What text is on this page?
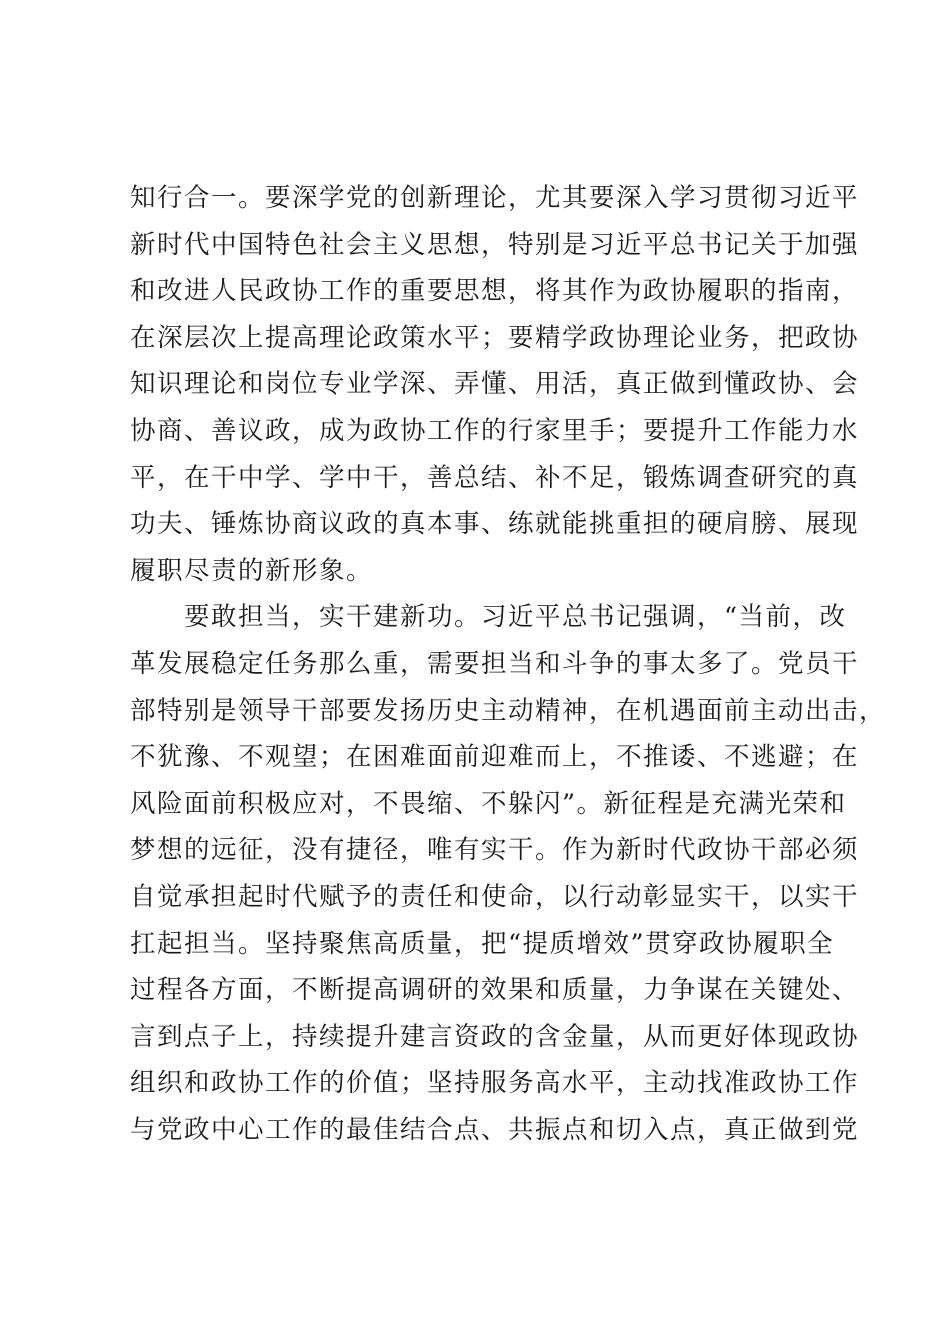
知行合一。要深学党的创新理论，尤其要深入学习贯彻习近平
新时代中国特色社会主义思想，特别是习近平总书记关于加强
和改进人民政协工作的重要思想，将其作为政协履职的指南，
在深层次上提高理论政策水平；要精学政协理论业务，把政协
知识理论和岗位专业学深、弄懂、用活，真正做到懂政协、会
协商、善议政，成为政协工作的行家里手；要提升工作能力水
平，在干中学、学中干，善总结、补不足，锻炼调查研究的真
功夫、锤炼协商议政的真本事、练就能挑重担的硬肩膀、展现
履职尽责的新形象。
　　要敢担当，实干建新功。习近平总书记强调，“当前，改
革发展稳定任务那么重，需要担当和斗争的事太多了。党员干
部特别是领导干部要发扬历史主动精神，在机遇面前主动出击，
不犹豫、不观望；在困难面前迎难而上，不推诿、不逃避；在
风险面前积极应对，不畏缩、不躲闪”。新征程是充满光荣和
梦想的远征，没有捷径，唯有实干。作为新时代政协干部必须
自觉承担起时代赋予的责任和使命，以行动彰显实干，以实干
扛起担当。坚持聚焦高质量，把“提质增效”贯穿政协履职全
过程各方面，不断提高调研的效果和质量，力争谋在关键处、
言到点子上，持续提升建言资政的含金量，从而更好体现政协
组织和政协工作的价值；坚持服务高水平，主动找准政协工作
与党政中心工作的最佳结合点、共振点和切入点，真正做到党
